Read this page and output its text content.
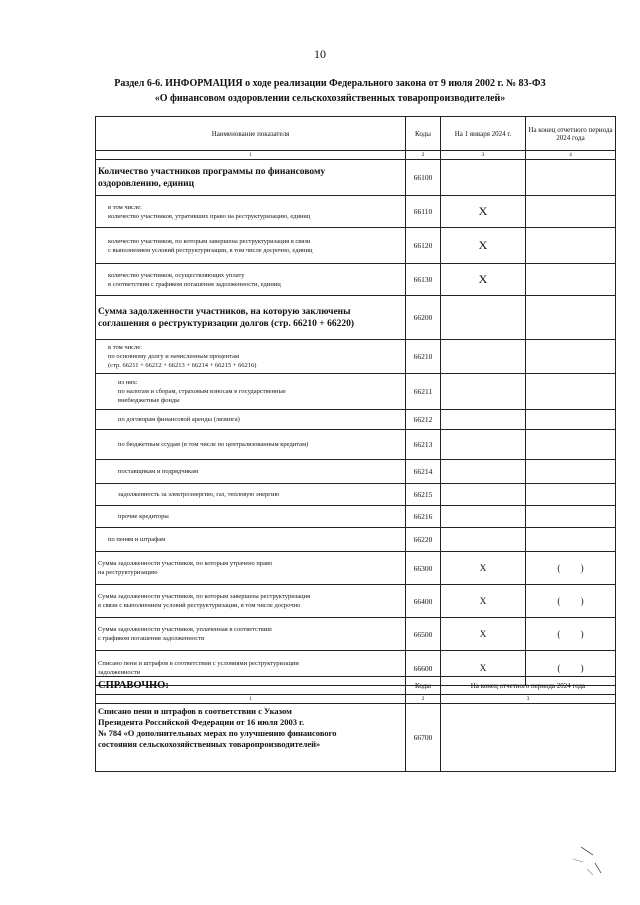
10
Раздел 6-6. ИНФОРМАЦИЯ о ходе реализации Федерального закона от 9 июля 2002 г. № 83-ФЗ
«О финансовом оздоровлении сельскохозяйственных товаропроизводителей»
Наименование показателя	Коды	На 1 января 2024 г.	На конец отчетного периода 2024 года
1	2	3	4
Количество участников программы по финансовому
оздоровлению, единиц	66100		
в том числе:
количество участников, утративших право на реструктуризацию, единиц	66110	X	
количество участников, по которым завершена реструктуризация в связи
с выполнением условий реструктуризации, в том числе досрочно, единиц	66120	X	
количество участников, осуществляющих уплату
в соответствии с графиком погашения задолженности, единиц	66130	X	
Сумма задолженности участников, на которую заключены
соглашения о реструктуризации долгов (стр. 66210 + 66220)	66200		
в том числе:
по основному долгу и начисленным процентам
(стр. 66211 + 66212 + 66213 + 66214 + 66215 + 66216)	66210		
из них:
по налогам и сборам, страховым взносам в государственные
внебюджетные фонды	66211		
по договорам финансовой аренды (лизинга)	66212		
по бюджетным ссудам (в том числе по централизованным кредитам)	66213		
поставщикам и подрядчикам	66214		
задолженность за электроэнергию, газ, тепловую энергию	66215		
прочие кредиторы	66216		
по пеням и штрафам	66220		
Сумма задолженности участников, по которым утрачено право
на реструктуризацию	66300	X	( )
Сумма задолженности участников, по которым завершена реструктуризация
в связи с выполнением условий реструктуризации, в том числе досрочно	66400	X	( )
Сумма задолженности участников, уплаченная в соответствии:
с графиком погашения задолженности	66500	X	( )
Списано пени и штрафов в соответствии с условиями реструктуризации
задолженности	66600	X	( )
СПРАВОЧНО:	Коды	На конец отчетного периода 2024 года
1	2	3
Списано пени и штрафов в соответствии с Указом
Президента Российской Федерации от 16 июля 2003 г.
№ 784 «О дополнительных мерах по улучшению финансового
состояния сельскохозяйственных товаропроизводителей»	66700	
